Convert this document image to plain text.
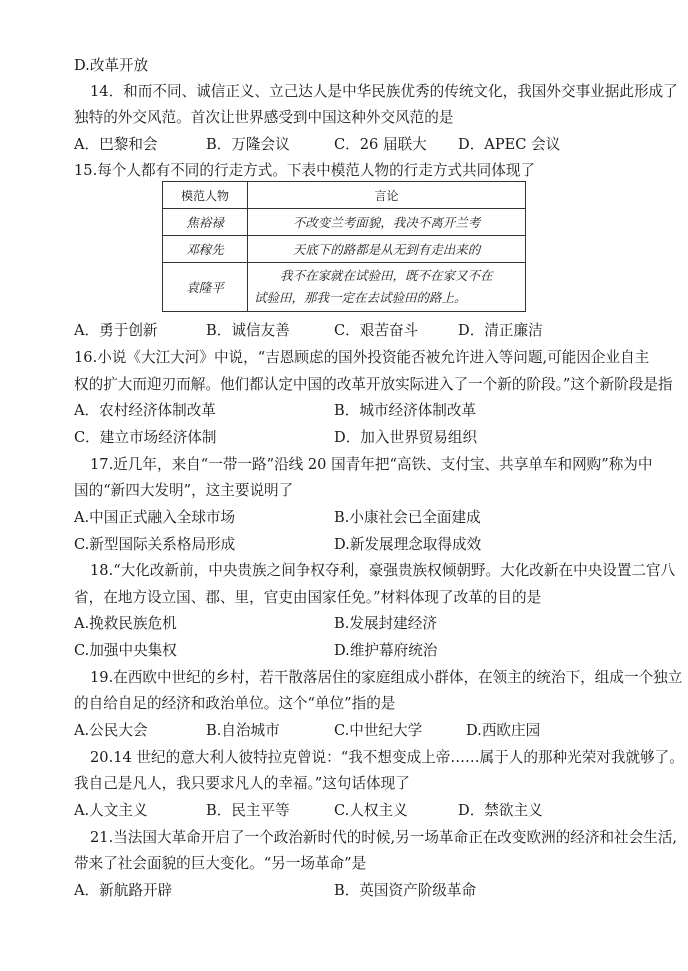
D.改革开放
14．和而不同、诚信正义、立己达人是中华民族优秀的传统文化，我国外交事业据此形成了
独特的外交风范。首次让世界感受到中国这种外交风范的是
A．巴黎和会	B．万隆会议	C．26 届联大 D．APEC 会议
15.每个人都有不同的行走方式。下表中模范人物的行走方式共同体现了
模范人物	言论
焦裕禄	不改变兰考面貌，我决不离开兰考
邓稼先	天底下的路都是从无到有走出来的
袁隆平	我不在家就在试验田，既不在家又不在
试验田，那我一定在去试验田的路上。
A．勇于创新	B．诚信友善	C．艰苦奋斗	D．清正廉洁
16.小说《大江大河》中说，“吉恩顾虑的国外投资能否被允许进入等问题,可能因企业自主
权的扩大而迎刃而解。他们都认定中国的改革开放实际进入了一个新的阶段。”这个新阶段是指
A．农村经济体制改革	B．城市经济体制改革
C．建立市场经济体制	D．加入世界贸易组织
17.近几年，来自“一带一路”沿线 20 国青年把“高铁、支付宝、共享单车和网购”称为中
国的“新四大发明”，这主要说明了
A.中国正式融入全球市场	B.小康社会已全面建成
C.新型国际关系格局形成	D.新发展理念取得成效
18.“大化改新前，中央贵族之间争权夺利，豪强贵族权倾朝野。大化改新在中央设置二官八
省，在地方设立国、郡、里，官吏由国家任免。”材料体现了改革的目的是
A.挽救民族危机	B.发展封建经济
C.加强中央集权	D.维护幕府统治
19.在西欧中世纪的乡村，若干散落居住的家庭组成小群体，在领主的统治下，组成一个独立
的自给自足的经济和政治单位。这个“单位”指的是
A.公民大会	B.自治城市	C.中世纪大学	D.西欧庄园
20.14 世纪的意大利人彼特拉克曾说：“我不想变成上帝……属于人的那种光荣对我就够了。
我自己是凡人，我只要求凡人的幸福。”这句话体现了
A.人文主义	B．民主平等	C.人权主义	D．禁欲主义
21.当法国大革命开启了一个政治新时代的时候,另一场革命正在改变欧洲的经济和社会生活,
带来了社会面貌的巨大变化。“另一场革命”是
A．新航路开辟	B．英国资产阶级革命
